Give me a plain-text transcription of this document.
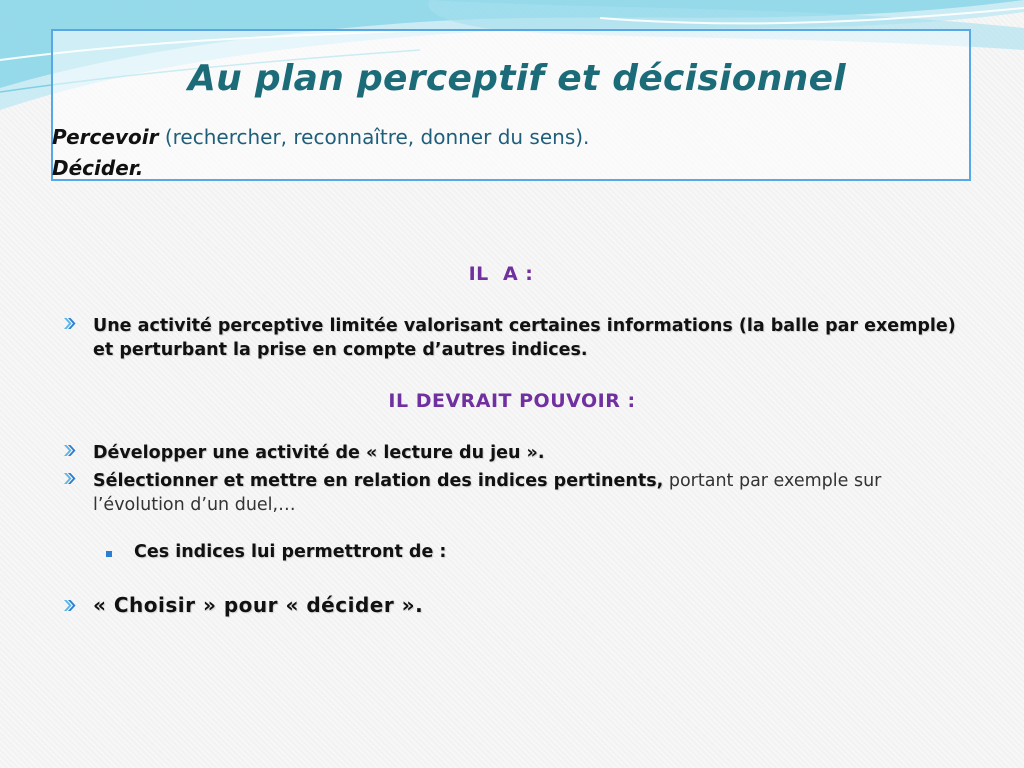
Au plan perceptif et décisionnel
Percevoir (rechercher, reconnaître, donner du sens).
Décider.
IL  A :
Une activité perceptive limitée valorisant certaines informations (la balle par exemple) et perturbant la prise en compte d’autres indices.
IL DEVRAIT POUVOIR :
Développer une activité de « lecture du jeu ».
Sélectionner et mettre en relation des indices pertinents, portant par exemple sur l’évolution d’un duel,…
Ces indices lui permettront de :
« Choisir » pour « décider ».
